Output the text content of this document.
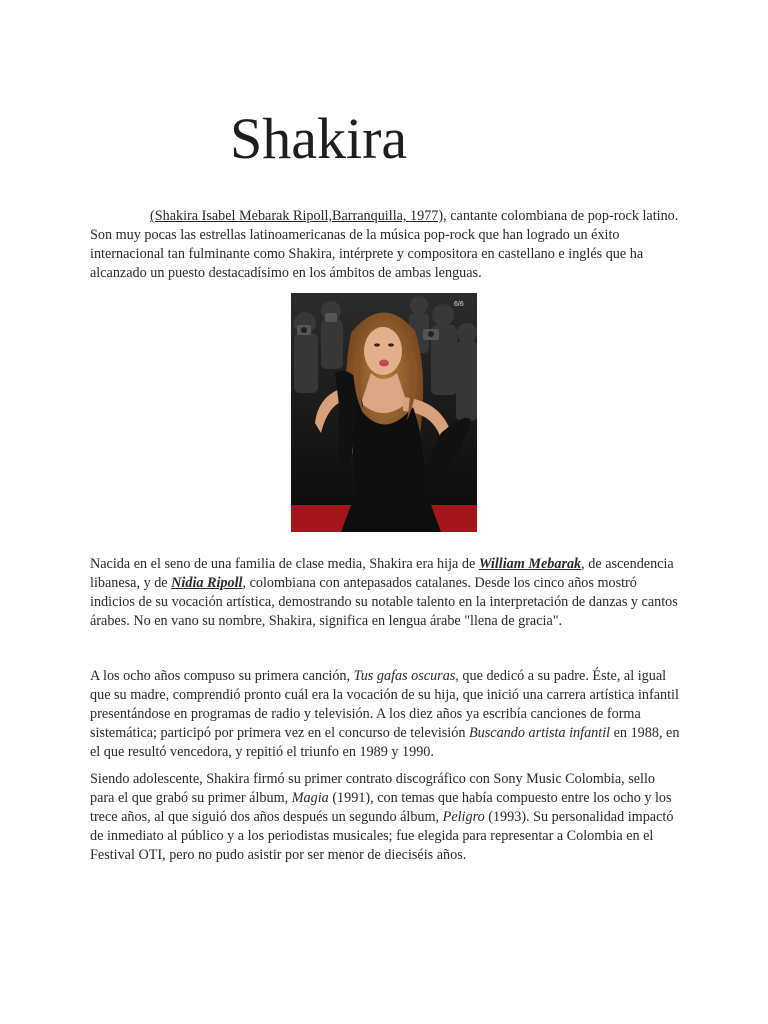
Shakira

(Shakira Isabel Mebarak Ripoll,Barranquilla, 1977), cantante colombiana de pop-rock latino. Son muy pocas las estrellas latinoamericanas de la música pop-rock que han logrado un éxito internacional tan fulminante como Shakira, intérprete y compositora en castellano e inglés que ha alcanzado un puesto destacadísimo en los ámbitos de ambas lenguas.

6/6

Nacida en el seno de una familia de clase media, Shakira era hija de William Mebarak, de ascendencia libanesa, y de Nidia Ripoll, colombiana con antepasados catalanes. Desde los cinco años mostró indicios de su vocación artística, demostrando su notable talento en la interpretación de danzas y cantos árabes. No en vano su nombre, Shakira, significa en lengua árabe "llena de gracia".

A los ocho años compuso su primera canción, Tus gafas oscuras, que dedicó a su padre. Éste, al igual que su madre, comprendió pronto cuál era la vocación de su hija, que inició una carrera artística infantil presentándose en programas de radio y televisión. A los diez años ya escribía canciones de forma sistemática; participó por primera vez en el concurso de televisión Buscando artista infantil en 1988, en el que resultó vencedora, y repitió el triunfo en 1989 y 1990.

Siendo adolescente, Shakira firmó su primer contrato discográfico con Sony Music Colombia, sello para el que grabó su primer álbum, Magia (1991), con temas que había compuesto entre los ocho y los trece años, al que siguió dos años después un segundo álbum, Peligro (1993). Su personalidad impactó de inmediato al público y a los periodistas musicales; fue elegida para representar a Colombia en el Festival OTI, pero no pudo asistir por ser menor de dieciséis años.
